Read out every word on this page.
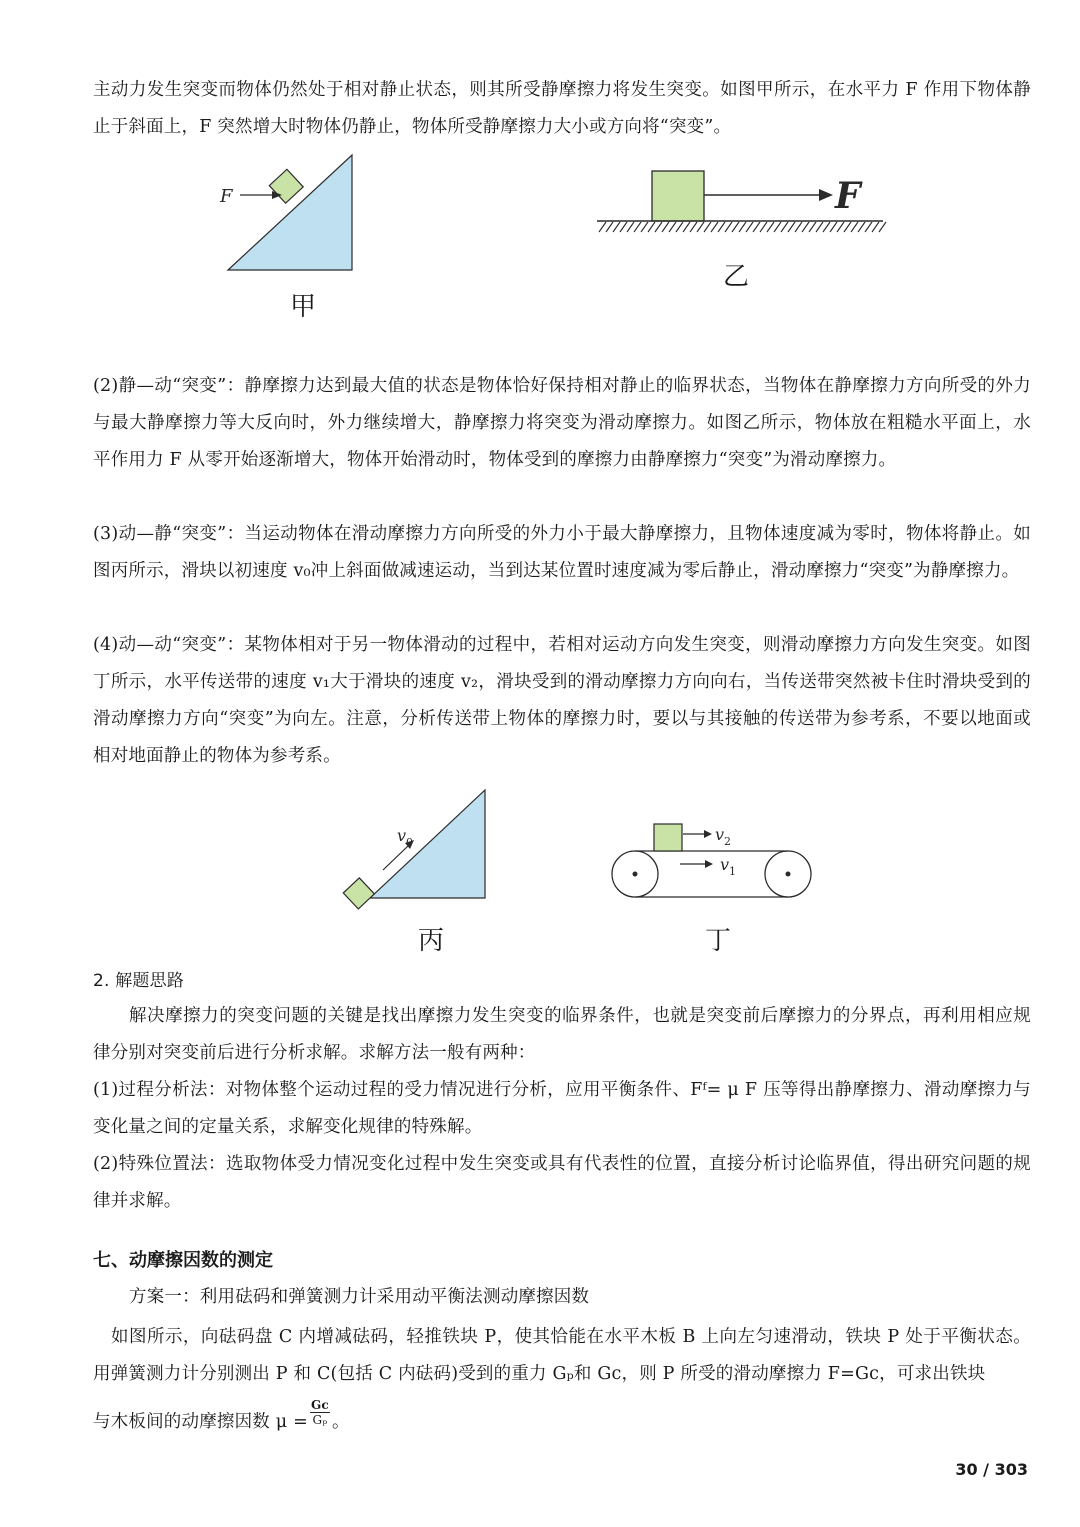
主动力发生突变而物体仍然处于相对静止状态，则其所受静摩擦力将发生突变。如图甲所示，在水平力 F 作用下物体静止于斜面上，F 突然增大时物体仍静止，物体所受静摩擦力大小或方向将“突变”。

F
甲
F
乙

(2)静—动“突变”：静摩擦力达到最大值的状态是物体恰好保持相对静止的临界状态，当物体在静摩擦力方向所受的外力与最大静摩擦力等大反向时，外力继续增大，静摩擦力将突变为滑动摩擦力。如图乙所示，物体放在粗糙水平面上，水平作用力 F 从零开始逐渐增大，物体开始滑动时，物体受到的摩擦力由静摩擦力“突变”为滑动摩擦力。

(3)动—静“突变”：当运动物体在滑动摩擦力方向所受的外力小于最大静摩擦力，且物体速度减为零时，物体将静止。如图丙所示，滑块以初速度 v₀冲上斜面做减速运动，当到达某位置时速度减为零后静止，滑动摩擦力“突变”为静摩擦力。

(4)动—动“突变”：某物体相对于另一物体滑动的过程中，若相对运动方向发生突变，则滑动摩擦力方向发生突变。如图丁所示，水平传送带的速度 v₁大于滑块的速度 v₂，滑块受到的滑动摩擦力方向向右，当传送带突然被卡住时滑块受到的滑动摩擦力方向“突变”为向左。注意，分析传送带上物体的摩擦力时，要以与其接触的传送带为参考系，不要以地面或相对地面静止的物体为参考系。

$v_0$
丙
$v_2$
$v_1$
丁

2. 解题思路

解决摩擦力的突变问题的关键是找出摩擦力发生突变的临界条件，也就是突变前后摩擦力的分界点，再利用相应规律分别对突变前后进行分析求解。求解方法一般有两种：

(1)过程分析法：对物体整个运动过程的受力情况进行分析，应用平衡条件、Fᶠ= μ F 压等得出静摩擦力、滑动摩擦力与变化量之间的定量关系，求解变化规律的特殊解。

(2)特殊位置法：选取物体受力情况变化过程中发生突变或具有代表性的位置，直接分析讨论临界值，得出研究问题的规律并求解。

七、动摩擦因数的测定

方案一：利用砝码和弹簧测力计采用动平衡法测动摩擦因数

如图所示，向砝码盘 C 内增减砝码，轻推铁块 P，使其恰能在水平木板 B 上向左匀速滑动，铁块 P 处于平衡状态。用弹簧测力计分别测出 P 和 C(包括 C 内砝码)受到的重力 Gₚ和 Gc，则 P 所受的滑动摩擦力 F=Gc，可求出铁块

与木板间的动摩擦因数 $\mu = \frac{Gc}{\text{Gₚ}}$ 。

30 / 303
